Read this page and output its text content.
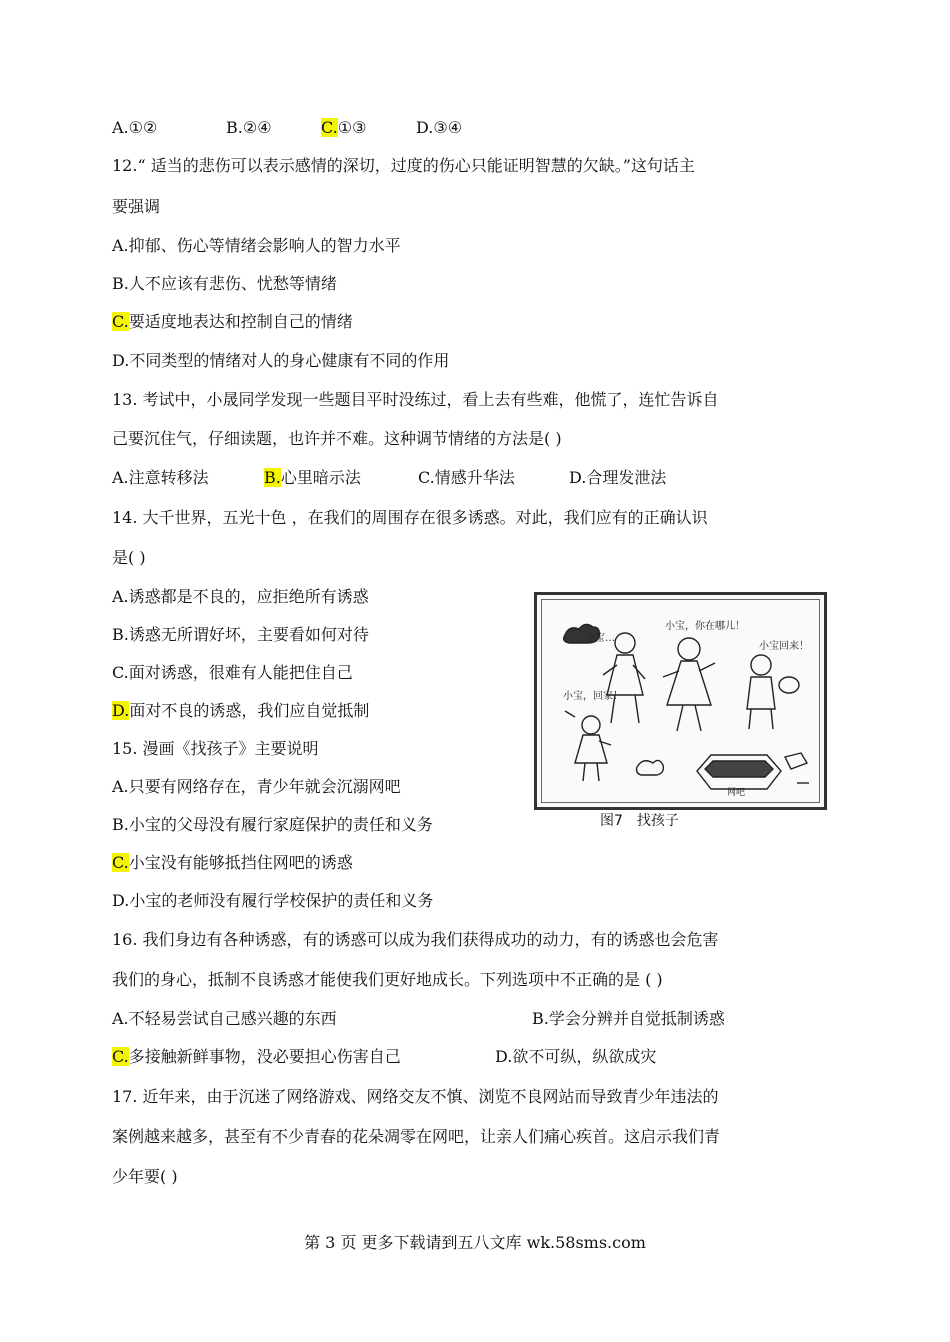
A.①②	B.②④	C.①③	D.③④
12.“ 适当的悲伤可以表示感情的深切，过度的伤心只能证明智慧的欠缺。”这句话主
要强调
A.抑郁、伤心等情绪会影响人的智力水平
B.人不应该有悲伤、忧愁等情绪
C.要适度地表达和控制自己的情绪
D.不同类型的情绪对人的身心健康有不同的作用
13. 考试中，小晟同学发现一些题目平时没练过，看上去有些难，他慌了，连忙告诉自
己要沉住气，仔细读题，也许并不难。这种调节情绪的方法是( )
A.注意转移法	B.心里暗示法	C.情感升华法	D.合理发泄法
14. 大千世界，五光十色 ，在我们的周围存在很多诱惑。对此，我们应有的正确认识
是( )
A.诱惑都是不良的，应拒绝所有诱惑
B.诱惑无所谓好坏，主要看如何对待
C.面对诱惑，很难有人能把住自己
D.面对不良的诱惑，我们应自觉抵制
15. 漫画《找孩子》主要说明
A.只要有网络存在，青少年就会沉溺网吧
B.小宝的父母没有履行家庭保护的责任和义务
C.小宝没有能够抵挡住网吧的诱惑
D.小宝的老师没有履行学校保护的责任和义务
小宝…
小宝，你在哪儿！
小宝回来！
小宝，回家！
网吧
图7 找孩子
16. 我们身边有各种诱惑，有的诱惑可以成为我们获得成功的动力，有的诱惑也会危害
我们的身心，抵制不良诱惑才能使我们更好地成长。下列选项中不正确的是 ( )
A.不轻易尝试自己感兴趣的东西	B.学会分辨并自觉抵制诱惑
C.多接触新鲜事物，没必要担心伤害自己	D.欲不可纵，纵欲成灾
17. 近年来，由于沉迷了网络游戏、网络交友不慎、浏览不良网站而导致青少年违法的
案例越来越多，甚至有不少青春的花朵凋零在网吧，让亲人们痛心疾首。这启示我们青
少年要( )
第 3 页 更多下载请到五八文库 wk.58sms.com
